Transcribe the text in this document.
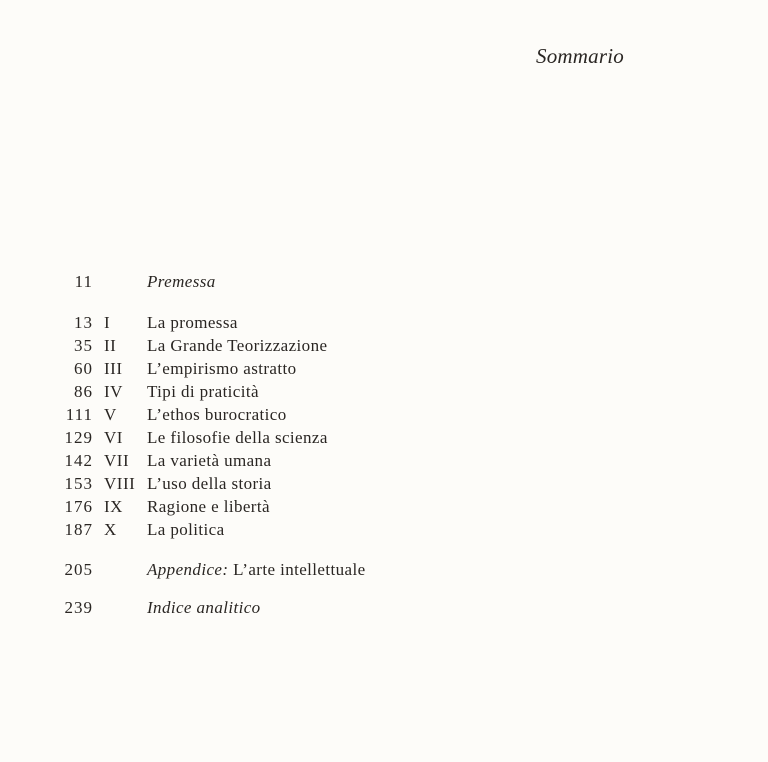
Sommario
11	Premessa
13 I La promessa
35 II La Grande Teorizzazione
60 III L’empirismo astratto
86 IV Tipi di praticità
111 V L’ethos burocratico
129 VI Le filosofie della scienza
142 VII La varietà umana
153 VIII L’uso della storia
176 IX Ragione e libertà
187 X La politica
205	Appendice: L’arte intellettuale
239	Indice analitico
